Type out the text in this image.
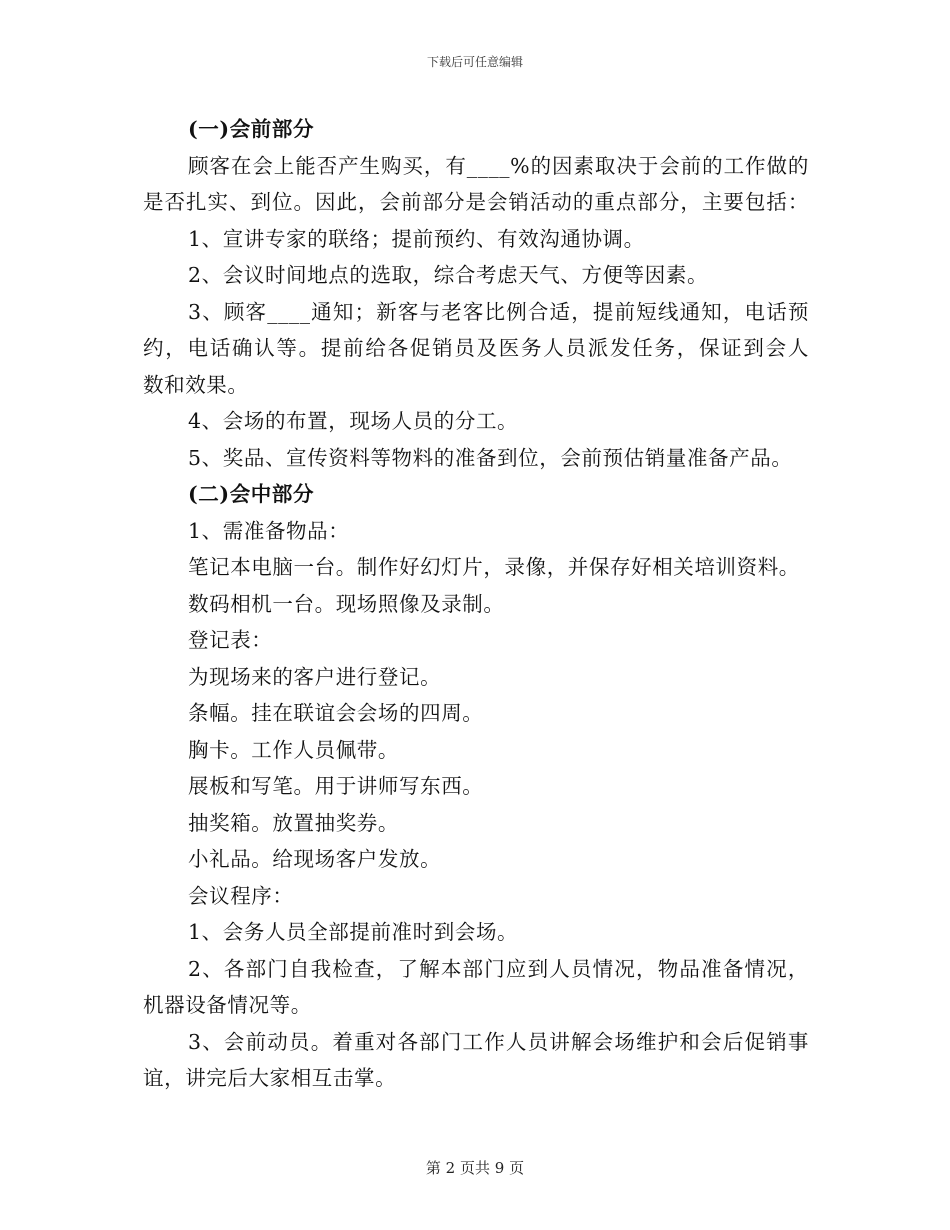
下载后可任意编辑
(一)会前部分
顾客在会上能否产生购买，有____%的因素取决于会前的工作做的
是否扎实、到位。因此，会前部分是会销活动的重点部分，主要包括：
1、宣讲专家的联络；提前预约、有效沟通协调。
2、会议时间地点的选取，综合考虑天气、方便等因素。
3、顾客____通知；新客与老客比例合适，提前短线通知，电话预
约，电话确认等。提前给各促销员及医务人员派发任务，保证到会人
数和效果。
4、会场的布置，现场人员的分工。
5、奖品、宣传资料等物料的准备到位，会前预估销量准备产品。
(二)会中部分
1、需准备物品：
笔记本电脑一台。制作好幻灯片，录像，并保存好相关培训资料。
数码相机一台。现场照像及录制。
登记表：
为现场来的客户进行登记。
条幅。挂在联谊会会场的四周。
胸卡。工作人员佩带。
展板和写笔。用于讲师写东西。
抽奖箱。放置抽奖券。
小礼品。给现场客户发放。
会议程序：
1、会务人员全部提前准时到会场。
2、各部门自我检查，了解本部门应到人员情况，物品准备情况，
机器设备情况等。
3、会前动员。着重对各部门工作人员讲解会场维护和会后促销事
谊，讲完后大家相互击掌。
第 2 页共 9 页
